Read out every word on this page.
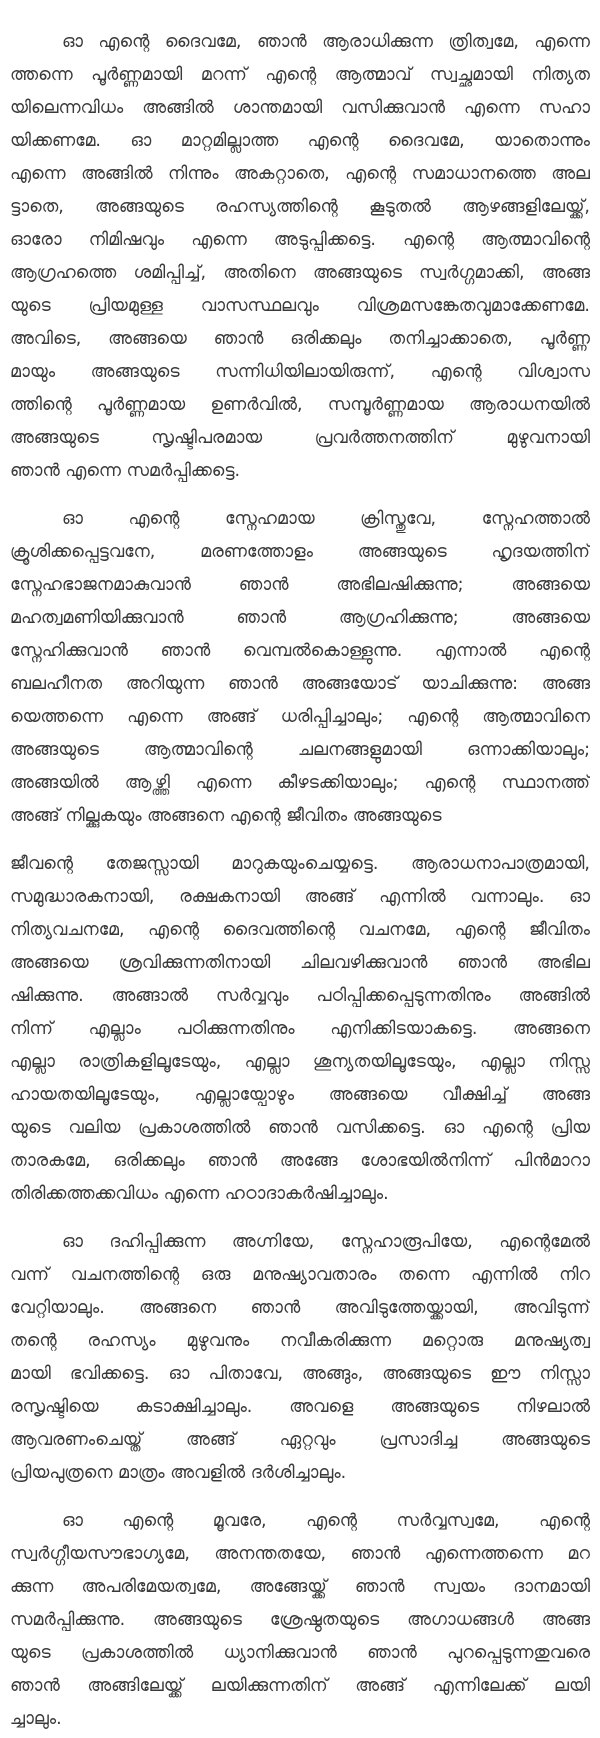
ഓ എന്റെ ദൈവമേ, ഞാൻ ആരാധിക്കുന്ന ത്രിത്വമേ, എന്നെ
ത്തന്നെ പൂർണ്ണമായി മറന്ന് എന്റെ ആത്മാവ് സ്വച്ഛമായി നിത്യത
യിലെന്നവിധം അങ്ങിൽ ശാന്തമായി വസിക്കുവാൻ എന്നെ സഹാ
യിക്കണമേ. ഓ മാറ്റമില്ലാത്ത എന്റെ ദൈവമേ, യാതൊന്നും
എന്നെ അങ്ങിൽ നിന്നും അകറ്റാതെ, എന്റെ സമാധാനത്തെ അല
ട്ടാതെ, അങ്ങയുടെ രഹസ്യത്തിന്റെ കൂടുതൽ ആഴങ്ങളിലേയ്ക്ക്,
ഓരോ നിമിഷവും എന്നെ അടുപ്പിക്കട്ടെ. എന്റെ ആത്മാവിന്റെ
ആഗ്രഹത്തെ ശമിപ്പിച്ച്, അതിനെ അങ്ങയുടെ സ്വർഗ്ഗമാക്കി, അങ്ങ
യുടെ പ്രിയമുള്ള വാസസ്ഥലവും വിശ്രമസങ്കേതവുമാക്കേണമേ.
അവിടെ, അങ്ങയെ ഞാൻ ഒരിക്കലും തനിച്ചാക്കാതെ, പൂർണ്ണ
മായും അങ്ങയുടെ സന്നിധിയിലായിരുന്ന്, എന്റെ വിശ്വാസ
ത്തിന്റെ പൂർണ്ണമായ ഉണർവിൽ, സമ്പൂർണ്ണമായ ആരാധനയിൽ
അങ്ങയുടെ സൃഷ്ടിപരമായ പ്രവർത്തനത്തിന് മുഴുവനായി
ഞാൻ എന്നെ സമർപ്പിക്കട്ടെ.
ഓ എന്റെ സ്നേഹമായ ക്രിസ്തുവേ, സ്നേഹത്താൽ
ക്രൂശിക്കപ്പെട്ടവനേ, മരണത്തോളം അങ്ങയുടെ ഹൃദയത്തിന്
സ്നേഹഭാജനമാകുവാൻ ഞാൻ അഭിലഷിക്കുന്നു; അങ്ങയെ
മഹത്വമണിയിക്കുവാൻ ഞാൻ ആഗ്രഹിക്കുന്നു; അങ്ങയെ
സ്നേഹിക്കുവാൻ ഞാൻ വെമ്പൽകൊള്ളുന്നു. എന്നാൽ എന്റെ
ബലഹീനത അറിയുന്ന ഞാൻ അങ്ങയോട് യാചിക്കുന്നു: അങ്ങ
യെത്തന്നെ എന്നെ അങ്ങ് ധരിപ്പിച്ചാലും; എന്റെ ആത്മാവിനെ
അങ്ങയുടെ ആത്മാവിന്റെ ചലനങ്ങളുമായി ഒന്നാക്കിയാലും;
അങ്ങയിൽ ആഴ്ത്തി എന്നെ കീഴടക്കിയാലും; എന്റെ സ്ഥാനത്ത്
അങ്ങ് നില്ക്കുകയും അങ്ങനെ എന്റെ ജീവിതം അങ്ങയുടെ
ജീവന്റെ തേജസ്സായി മാറുകയുംചെയ്യട്ടെ. ആരാധനാപാത്രമായി,
സമുദ്ധാരകനായി, രക്ഷകനായി അങ്ങ് എന്നിൽ വന്നാലും. ഓ
നിത്യവചനമേ, എന്റെ ദൈവത്തിന്റെ വചനമേ, എന്റെ ജീവിതം
അങ്ങയെ ശ്രവിക്കുന്നതിനായി ചിലവഴിക്കുവാൻ ഞാൻ അഭില
ഷിക്കുന്നു. അങ്ങാൽ സർവ്വവും പഠിപ്പിക്കപ്പെടുന്നതിനും അങ്ങിൽ
നിന്ന് എല്ലാം പഠിക്കുന്നതിനും എനിക്കിടയാകട്ടെ. അങ്ങനെ
എല്ലാ രാത്രികളിലൂടേയും, എല്ലാ ശൂന്യതയിലൂടേയും, എല്ലാ നിസ്സ
ഹായതയിലൂടേയും, എല്ലായ്പോഴും അങ്ങയെ വീക്ഷിച്ച് അങ്ങ
യുടെ വലിയ പ്രകാശത്തിൽ ഞാൻ വസിക്കട്ടെ. ഓ എന്റെ പ്രിയ
താരകമേ, ഒരിക്കലും ഞാൻ അങ്ങേ ശോഭയിൽനിന്ന് പിൻമാറാ
തിരിക്കത്തക്കവിധം എന്നെ ഹഠാദാകർഷിച്ചാലും.
ഓ ദഹിപ്പിക്കുന്ന അഗ്നിയേ, സ്നേഹാരൂപിയേ, എന്റെമേൽ
വന്ന് വചനത്തിന്റെ ഒരു മനുഷ്യാവതാരം തന്നെ എന്നിൽ നിറ
വേറ്റിയാലും. അങ്ങനെ ഞാൻ അവിടുത്തേയ്ക്കായി, അവിടുന്ന്
തന്റെ രഹസ്യം മുഴുവനും നവീകരിക്കുന്ന മറ്റൊരു മനുഷ്യത്വ
മായി ഭവിക്കട്ടെ. ഓ പിതാവേ, അങ്ങും, അങ്ങയുടെ ഈ നിസ്സാ
രസൃഷ്ടിയെ കടാക്ഷിച്ചാലും. അവളെ അങ്ങയുടെ നിഴലാൽ
ആവരണംചെയ്ത് അങ്ങ് ഏറ്റവും പ്രസാദിച്ച അങ്ങയുടെ
പ്രിയപുത്രനെ മാത്രം അവളിൽ ദർശിച്ചാലും.
ഓ എന്റെ മൂവരേ, എന്റെ സർവ്വസ്വമേ, എന്റെ
സ്വർഗ്ഗീയസൗഭാഗ്യമേ, അനന്തതയേ, ഞാൻ എന്നെത്തന്നെ മറ
ക്കുന്ന അപരിമേയത്വമേ, അങ്ങേയ്ക്ക് ഞാൻ സ്വയം ദാനമായി
സമർപ്പിക്കുന്നു. അങ്ങയുടെ ശ്രേഷ്ഠതയുടെ അഗാധങ്ങൾ അങ്ങ
യുടെ പ്രകാശത്തിൽ ധ്യാനിക്കുവാൻ ഞാൻ പുറപ്പെടുന്നതുവരെ
ഞാൻ അങ്ങിലേയ്ക്ക് ലയിക്കുന്നതിന് അങ്ങ് എന്നിലേക്ക് ലയി
ച്ചാലും.
